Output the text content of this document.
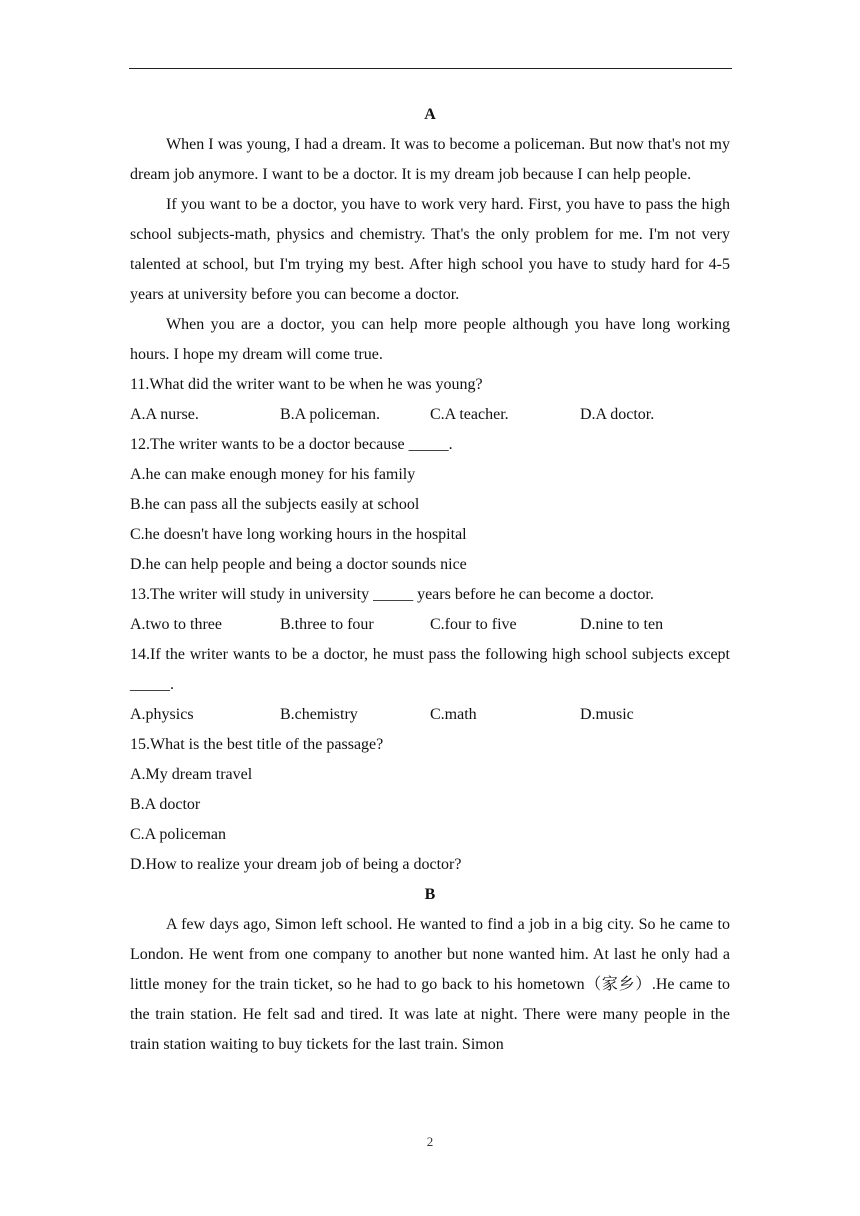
A

When I was young, I had a dream. It was to become a policeman. But now that's not my dream job anymore. I want to be a doctor. It is my dream job because I can help people.

If you want to be a doctor, you have to work very hard. First, you have to pass the high school subjects-math, physics and chemistry. That's the only problem for me. I'm not very talented at school, but I'm trying my best. After high school you have to study hard for 4-5 years at university before you can become a doctor.

When you are a doctor, you can help more people although you have long working hours. I hope my dream will come true.

11.What did the writer want to be when he was young?

A.A nurse.	B.A policeman.	C.A teacher.	D.A doctor.

12.The writer wants to be a doctor because _____.

A.he can make enough money for his family

B.he can pass all the subjects easily at school

C.he doesn't have long working hours in the hospital

D.he can help people and being a doctor sounds nice

13.The writer will study in university _____ years before he can become a doctor.

A.two to three	B.three to four	C.four to five	D.nine to ten

14.If the writer wants to be a doctor, he must pass the following high school subjects except _____.

A.physics	B.chemistry	C.math	D.music

15.What is the best title of the passage?

A.My dream travel

B.A doctor

C.A policeman

D.How to realize your dream job of being a doctor?

B

A few days ago, Simon left school. He wanted to find a job in a big city. So he came to London. He went from one company to another but none wanted him. At last he only had a little money for the train ticket, so he had to go back to his hometown（家乡）.He came to the train station. He felt sad and tired. It was late at night. There were many people in the train station waiting to buy tickets for the last train. Simon

2
